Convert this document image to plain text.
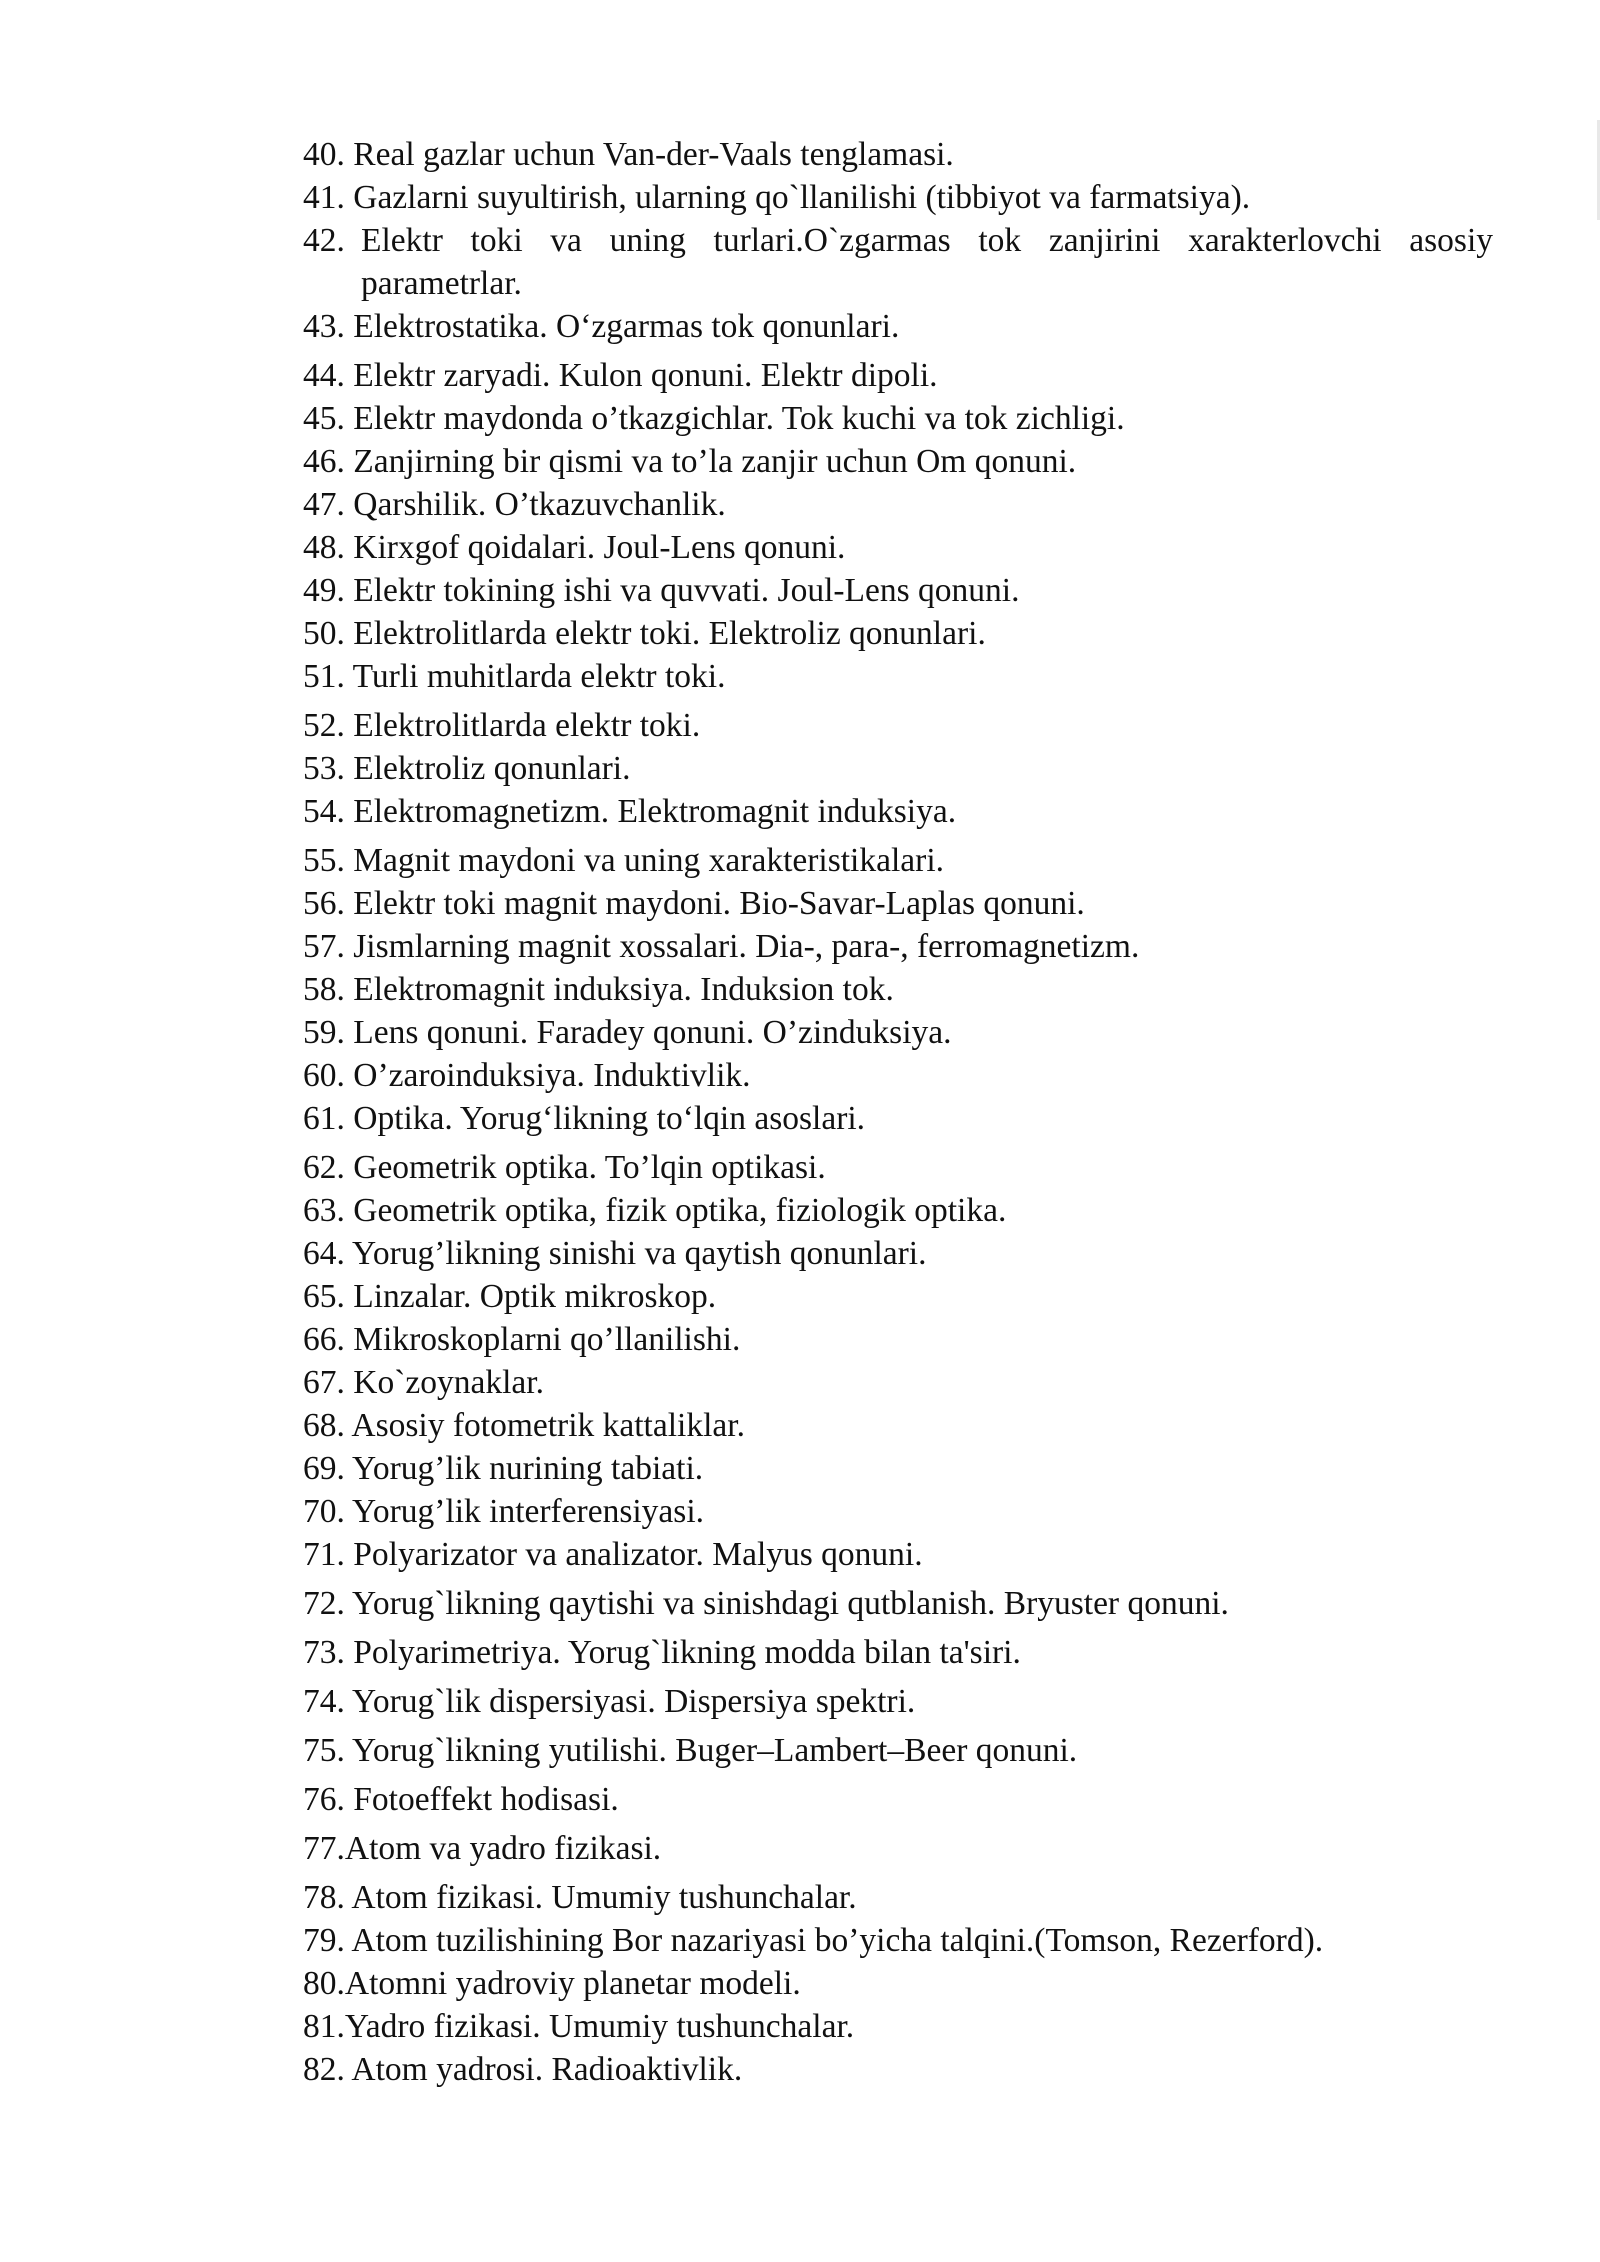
40. Real gazlar uchun Van-der-Vaals tenglamasi.
41. Gazlarni suyultirish, ularning qo`llanilishi (tibbiyot va farmatsiya).
42. Elektr toki va uning turlari.O`zgarmas tok zanjirini xarakterlovchi asosiy parametrlar.
43. Elektrostatika. O‘zgarmas tok qonunlari.
44. Elektr zaryadi. Kulon qonuni. Elektr dipoli.
45. Elektr maydonda o’tkazgichlar. Tok kuchi va tok zichligi.
46. Zanjirning bir qismi va to’la zanjir uchun Om qonuni.
47. Qarshilik. O’tkazuvchanlik.
48. Kirxgof qoidalari. Joul-Lens qonuni.
49. Elektr tokining ishi va quvvati. Joul-Lens qonuni.
50. Elektrolitlarda elektr toki. Elektroliz qonunlari.
51. Turli muhitlarda elektr toki.
52. Elektrolitlarda elektr toki.
53. Elektroliz qonunlari.
54. Elektromagnetizm. Elektromagnit induksiya.
55. Magnit maydoni va uning xarakteristikalari.
56. Elektr toki magnit maydoni. Bio-Savar-Laplas qonuni.
57. Jismlarning magnit xossalari. Dia-, para-, ferromagnetizm.
58. Elektromagnit induksiya. Induksion tok.
59. Lens qonuni. Faradey qonuni. O’zinduksiya.
60. O’zaroinduksiya. Induktivlik.
61. Optika. Yorug‘likning to‘lqin asoslari.
62. Geometrik optika. To’lqin optikasi.
63. Geometrik optika, fizik optika, fiziologik optika.
64. Yorug’likning sinishi va qaytish qonunlari.
65. Linzalar. Optik mikroskop.
66. Mikroskoplarni qo’llanilishi.
67. Ko`zoynaklar.
68. Asosiy fotometrik kattaliklar.
69. Yorug’lik nurining tabiati.
70. Yorug’lik interferensiyasi.
71. Polyarizator va analizator. Malyus qonuni.
72. Yorug`likning qaytishi va sinishdagi qutblanish. Bryuster qonuni.
73. Polyarimetriya. Yorug`likning modda bilan ta'siri.
74. Yorug`lik dispersiyasi. Dispersiya spektri.
75. Yorug`likning yutilishi. Buger–Lambert–Beer qonuni.
76. Fotoeffekt hodisasi.
77.Atom va yadro fizikasi.
78. Atom fizikasi. Umumiy tushunchalar.
79. Atom tuzilishining Bor nazariyasi bo’yicha talqini.(Tomson, Rezerford).
80.Atomni yadroviy planetar modeli.
81.Yadro fizikasi. Umumiy tushunchalar.
82. Atom yadrosi. Radioaktivlik.
